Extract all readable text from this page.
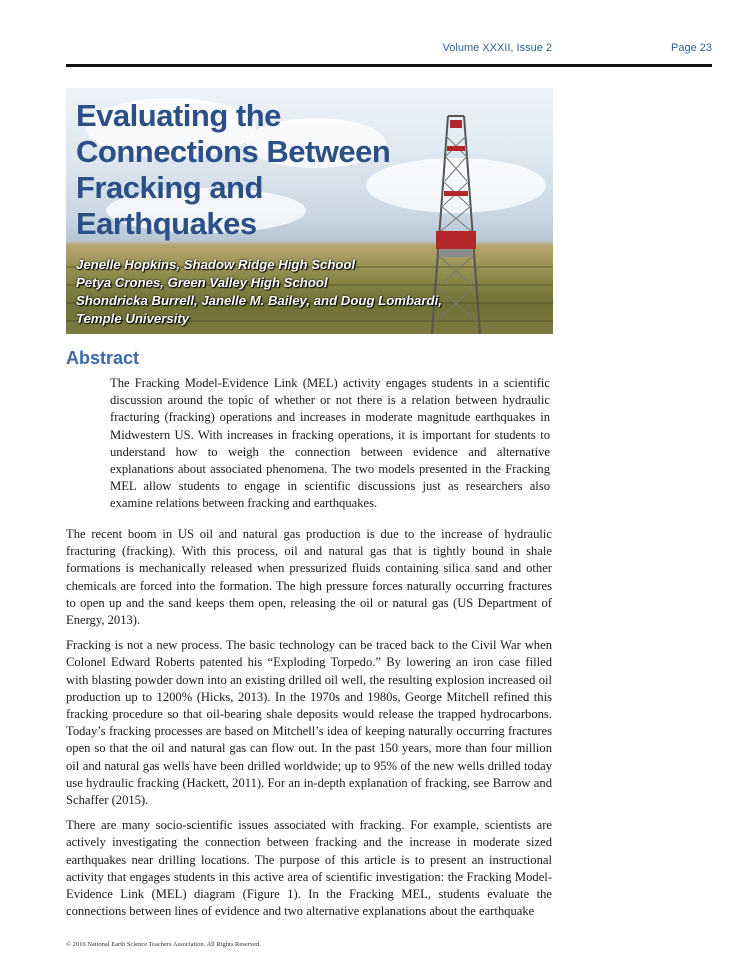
Volume XXXII, Issue 2	Page 23
Evaluating the Connections Between Fracking and Earthquakes
Jenelle Hopkins, Shadow Ridge High School
Petya Crones, Green Valley High School
Shondricka Burrell, Janelle M. Bailey, and Doug Lombardi,
Temple University
Abstract

The Fracking Model-Evidence Link (MEL) activity engages students in a scientific discussion around the topic of whether or not there is a relation between hydraulic fracturing (fracking) operations and increases in moderate magnitude earthquakes in Midwestern US. With increases in fracking operations, it is important for students to understand how to weigh the connection between evidence and alternative explanations about associated phenomena. The two models presented in the Fracking MEL allow students to engage in scientific discussions just as researchers also examine relations between fracking and earthquakes.

The recent boom in US oil and natural gas production is due to the increase of hydraulic fracturing (fracking). With this process, oil and natural gas that is tightly bound in shale formations is mechanically released when pressurized fluids containing silica sand and other chemicals are forced into the formation. The high pressure forces naturally occurring fractures to open up and the sand keeps them open, releasing the oil or natural gas (US Department of Energy, 2013).

Fracking is not a new process. The basic technology can be traced back to the Civil War when Colonel Edward Roberts patented his “Exploding Torpedo.” By lowering an iron case filled with blasting powder down into an existing drilled oil well, the resulting explosion increased oil production up to 1200% (Hicks, 2013). In the 1970s and 1980s, George Mitchell refined this fracking procedure so that oil-bearing shale deposits would release the trapped hydrocarbons. Today’s fracking processes are based on Mitchell’s idea of keeping naturally occurring fractures open so that the oil and natural gas can flow out. In the past 150 years, more than four million oil and natural gas wells have been drilled worldwide; up to 95% of the new wells drilled today use hydraulic fracking (Hackett, 2011). For an in-depth explanation of fracking, see Barrow and Schaffer (2015).

There are many socio-scientific issues associated with fracking. For example, scientists are actively investigating the connection between fracking and the increase in moderate sized earthquakes near drilling locations. The purpose of this article is to present an instructional activity that engages students in this active area of scientific investigation: the Fracking Model-Evidence Link (MEL) diagram (Figure 1). In the Fracking MEL, students evaluate the connections between lines of evidence and two alternative explanations about the earthquake

© 2016 National Earth Science Teachers Association. All Rights Reserved.
